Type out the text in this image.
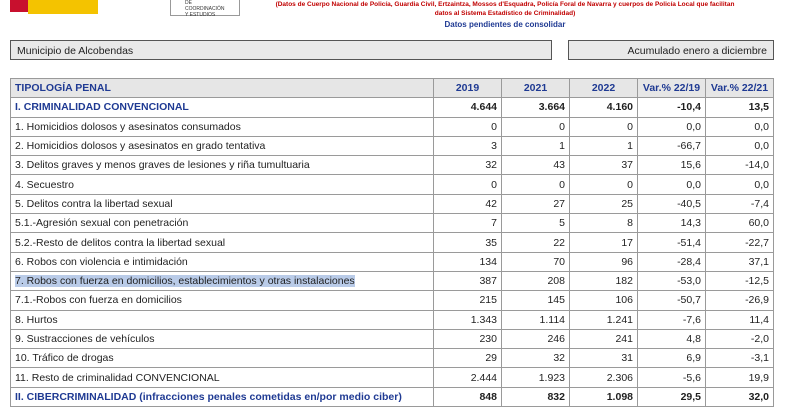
DE COORDINACIÓN
Y ESTUDIOS
(Datos de Cuerpo Nacional de Policía, Guardia Civil, Ertzaintza, Mossos d'Esquadra, Policía Foral de Navarra y cuerpos de Policía Local que facilitan
datos al Sistema Estadístico de Criminalidad)
Datos pendientes de consolidar
Municipio de Alcobendas	Acumulado enero a diciembre
TIPOLOGÍA PENAL	2019	2021	2022	Var.% 22/19	Var.% 22/21
I. CRIMINALIDAD CONVENCIONAL	4.644	3.664	4.160	-10,4	13,5
1. Homicidios dolosos y asesinatos consumados	0	0	0	0,0	0,0
2. Homicidios dolosos y asesinatos en grado tentativa	3	1	1	-66,7	0,0
3. Delitos graves y menos graves de lesiones y riña tumultuaria	32	43	37	15,6	-14,0
4. Secuestro	0	0	0	0,0	0,0
5. Delitos contra la libertad sexual	42	27	25	-40,5	-7,4
5.1.-Agresión sexual con penetración	7	5	8	14,3	60,0
5.2.-Resto de delitos contra la libertad sexual	35	22	17	-51,4	-22,7
6. Robos con violencia e intimidación	134	70	96	-28,4	37,1
7. Robos con fuerza en domicilios, establecimientos y otras instalaciones	387	208	182	-53,0	-12,5
7.1.-Robos con fuerza en domicilios	215	145	106	-50,7	-26,9
8. Hurtos	1.343	1.114	1.241	-7,6	11,4
9. Sustracciones de vehículos	230	246	241	4,8	-2,0
10. Tráfico de drogas	29	32	31	6,9	-3,1
11. Resto de criminalidad CONVENCIONAL	2.444	1.923	2.306	-5,6	19,9
II. CIBERCRIMINALIDAD (infracciones penales cometidas en/por medio ciber)	848	832	1.098	29,5	32,0
